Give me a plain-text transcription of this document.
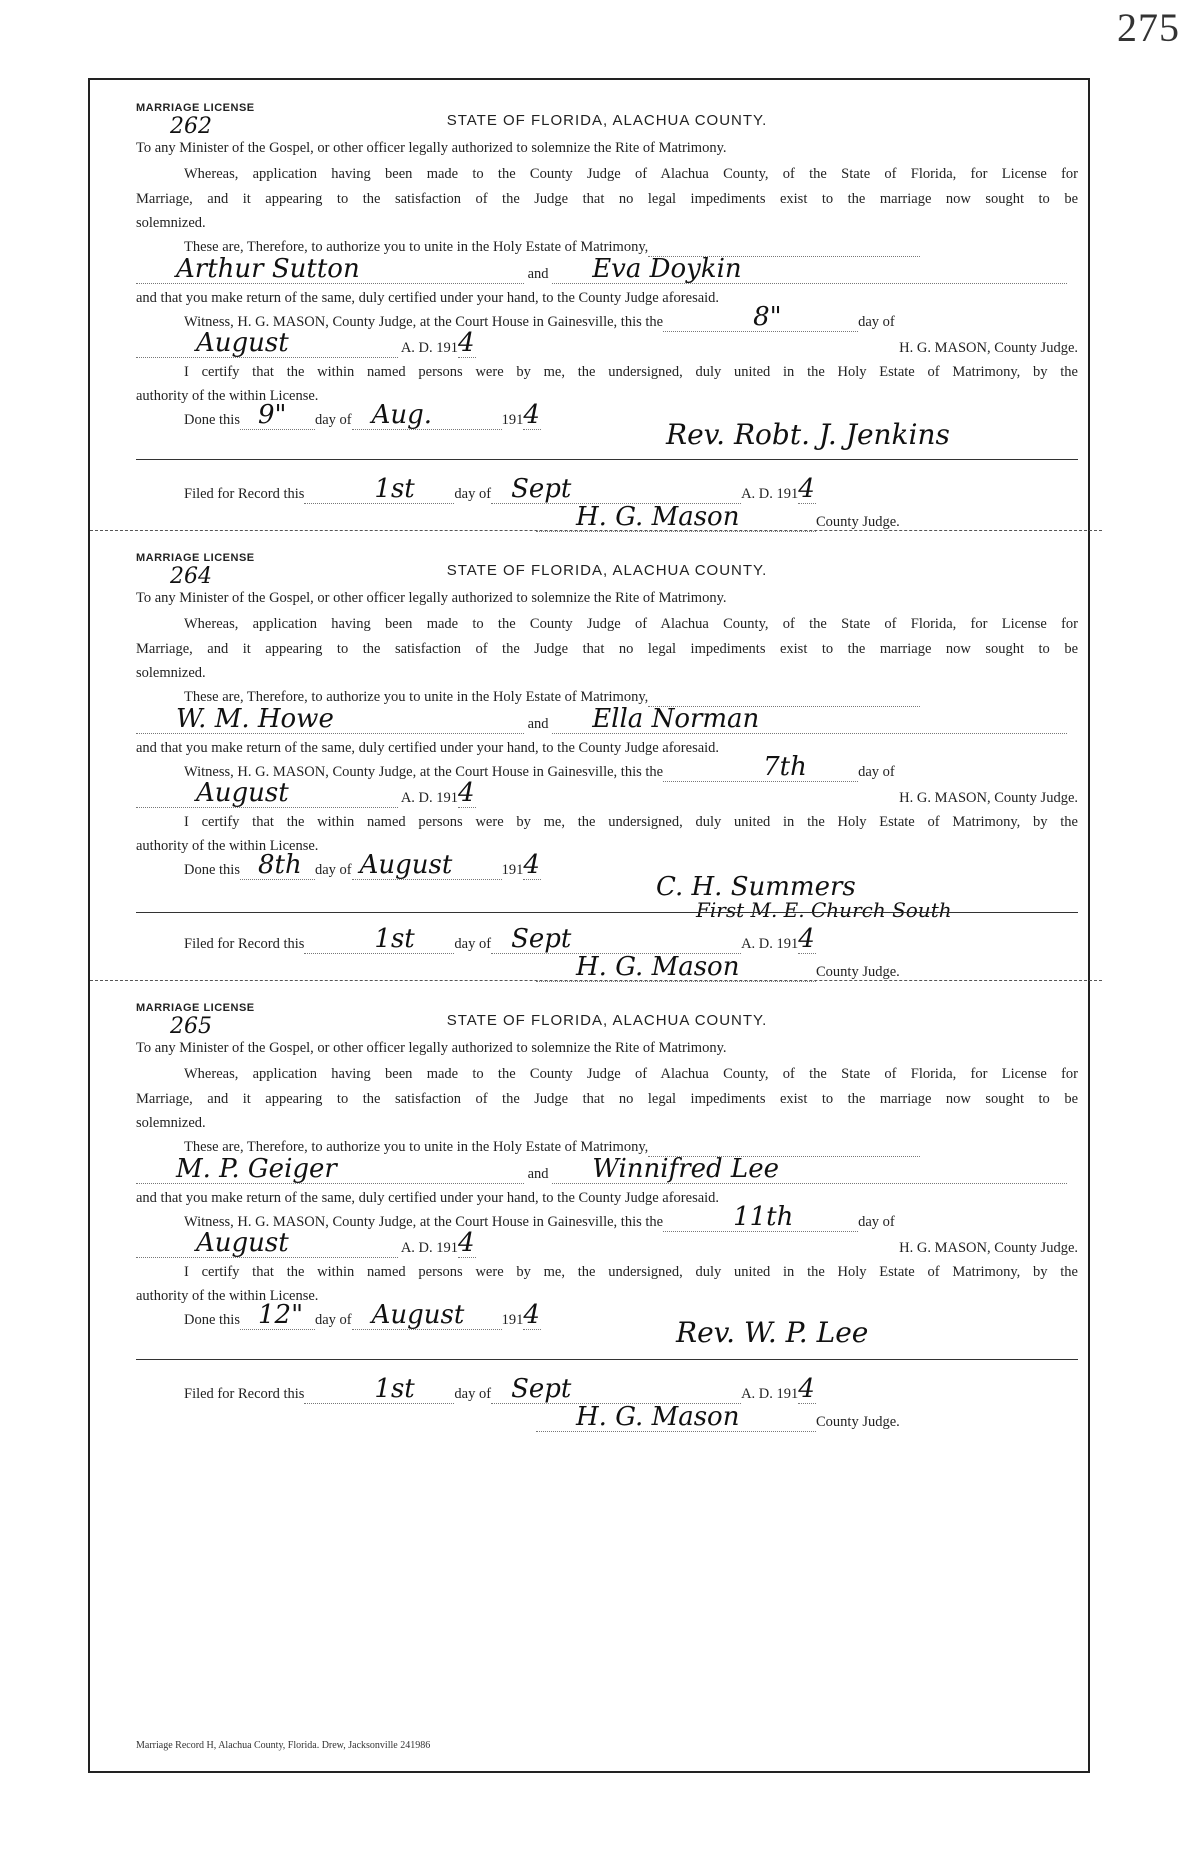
275
MARRIAGE LICENSE
262	STATE OF FLORIDA, ALACHUA COUNTY.
To any Minister of the Gospel, or other officer legally authorized to solemnize the Rite of Matrimony.
Whereas, application having been made to the County Judge of Alachua County, of the State of Florida, for License for
Marriage, and it appearing to the satisfaction of the Judge that no legal impediments exist to the marriage now sought to be
solemnized.
These are, Therefore, to authorize you to unite in the Holy Estate of Matrimony,
Arthur Sutton	and Eva Doykin
and that you make return of the same, duly certified under your hand, to the County Judge aforesaid.
Witness, H. G. MASON, County Judge, at the Court House in Gainesville, this the	8"	day of
August	A. D. 191 4	H. G. MASON, County Judge.
I certify that the within named persons were by me, the undersigned, duly united in the Holy Estate of Matrimony, by the
authority of the within License.
Done this 9" day of Aug.	191 4
Rev. Robt. J. Jenkins
Filed for Record this	1st	day of Sept	A. D. 191 4
H. G. Mason	County Judge.
MARRIAGE LICENSE
264	STATE OF FLORIDA, ALACHUA COUNTY.
To any Minister of the Gospel, or other officer legally authorized to solemnize the Rite of Matrimony.
Whereas, application having been made to the County Judge of Alachua County, of the State of Florida, for License for
Marriage, and it appearing to the satisfaction of the Judge that no legal impediments exist to the marriage now sought to be
solemnized.
These are, Therefore, to authorize you to unite in the Holy Estate of Matrimony,
W. M. Howe	and Ella Norman
and that you make return of the same, duly certified under your hand, to the County Judge aforesaid.
Witness, H. G. MASON, County Judge, at the Court House in Gainesville, this the	7th	day of
August	A. D. 191 4	H. G. MASON, County Judge.
I certify that the within named persons were by me, the undersigned, duly united in the Holy Estate of Matrimony, by the
authority of the within License.
Done this 8th day of August	191 4
C. H. Summers
First M. E. Church South
Filed for Record this	1st	day of Sept	A. D. 191 4
H. G. Mason	County Judge.
MARRIAGE LICENSE
265	STATE OF FLORIDA, ALACHUA COUNTY.
To any Minister of the Gospel, or other officer legally authorized to solemnize the Rite of Matrimony.
Whereas, application having been made to the County Judge of Alachua County, of the State of Florida, for License for
Marriage, and it appearing to the satisfaction of the Judge that no legal impediments exist to the marriage now sought to be
solemnized.
These are, Therefore, to authorize you to unite in the Holy Estate of Matrimony,
M. P. Geiger	and Winnifred Lee
and that you make return of the same, duly certified under your hand, to the County Judge aforesaid.
Witness, H. G. MASON, County Judge, at the Court House in Gainesville, this the	11th	day of
August	A. D. 191 4	H. G. MASON, County Judge.
I certify that the within named persons were by me, the undersigned, duly united in the Holy Estate of Matrimony, by the
authority of the within License.
Done this 12" day of August	191 4
Rev. W. P. Lee
Filed for Record this	1st	day of Sept	A. D. 191 4
H. G. Mason	County Judge.
Marriage Record H, Alachua County, Florida. Drew, Jacksonville 241986
